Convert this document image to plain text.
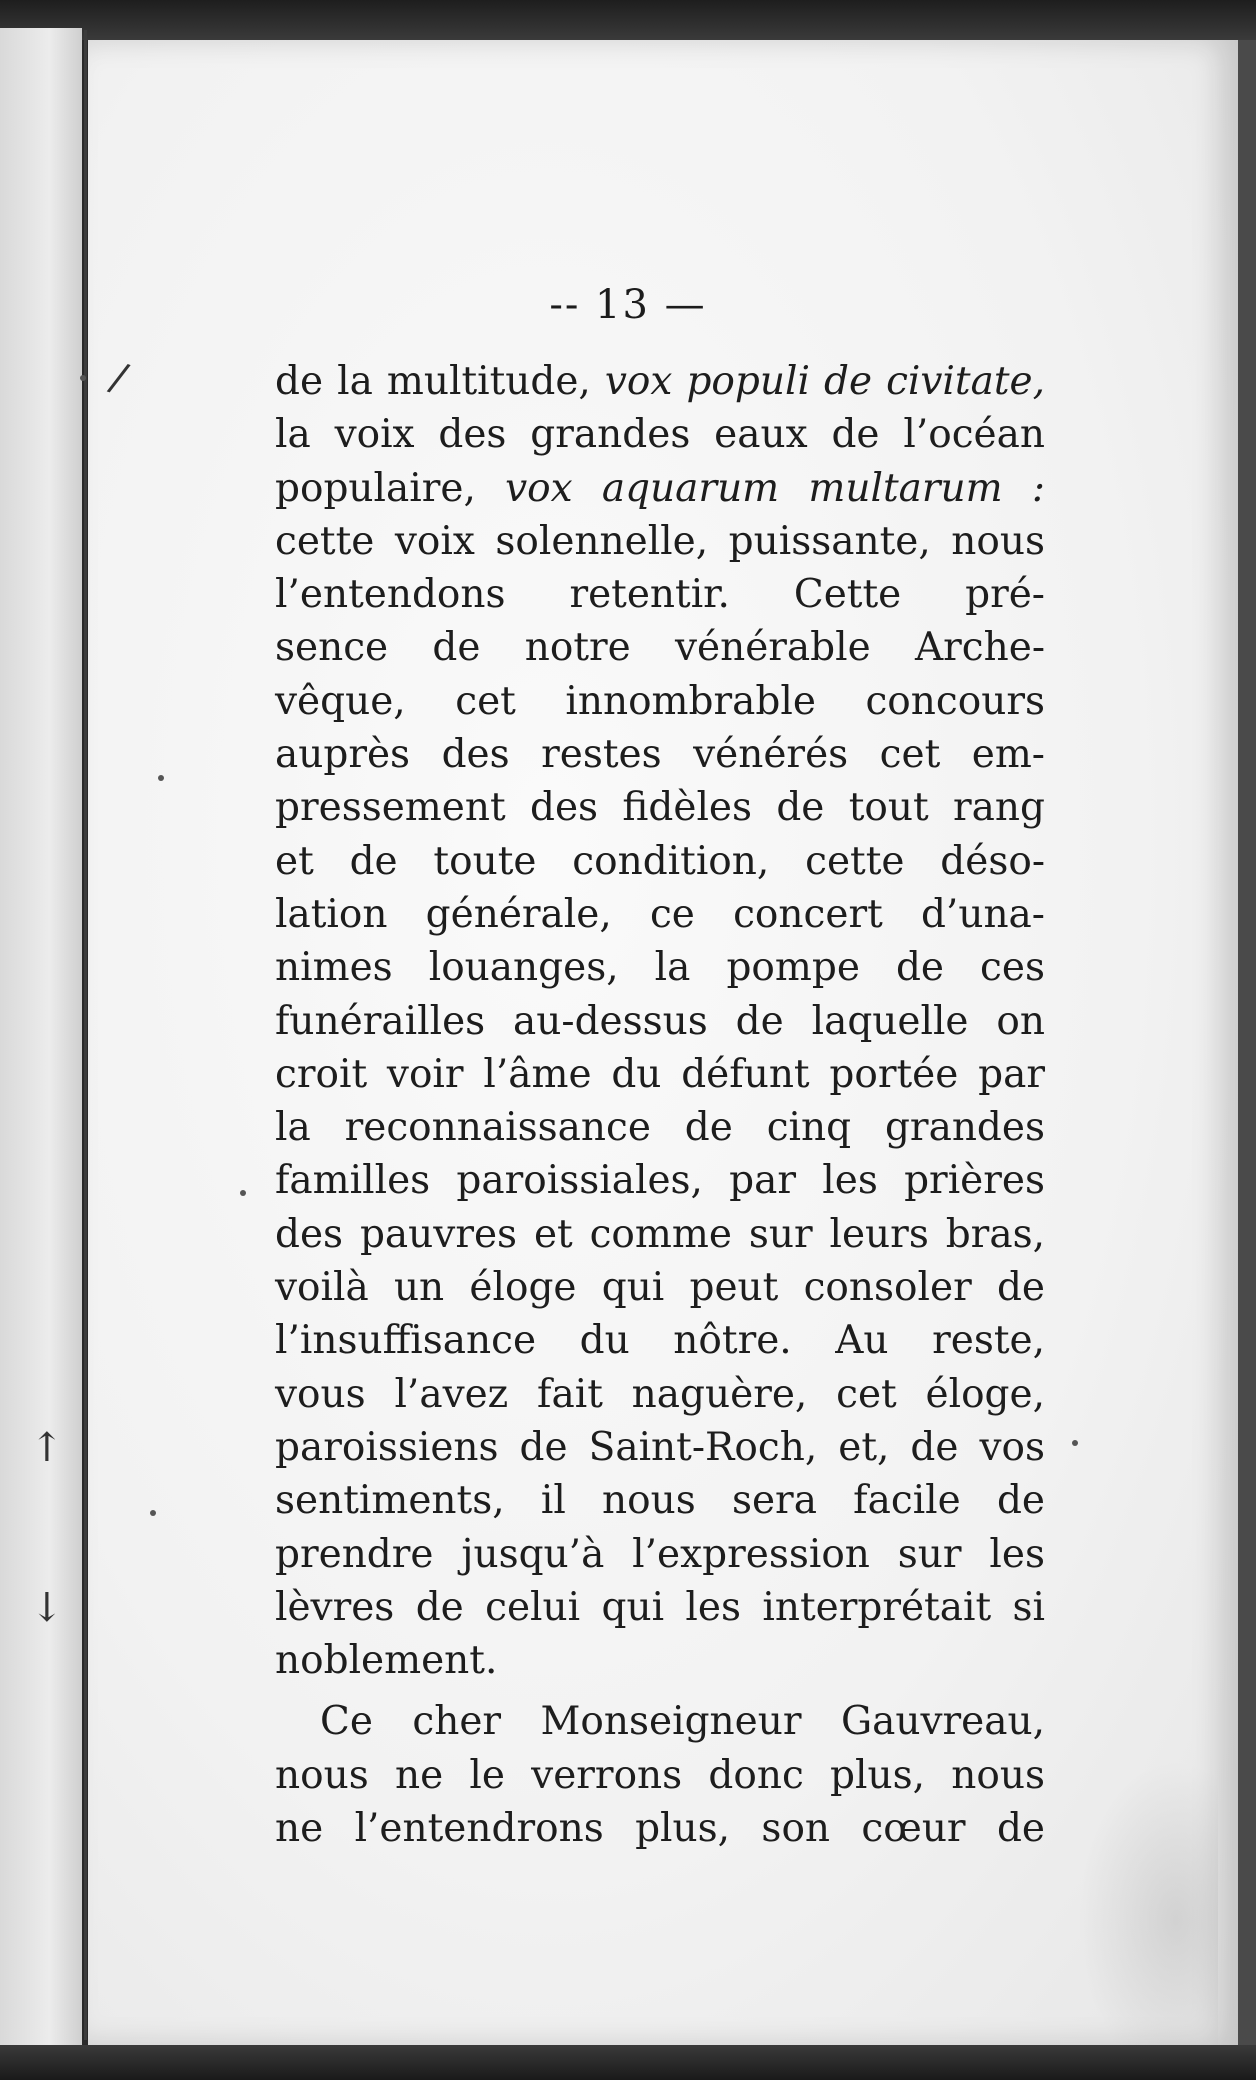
-- 13 —
de la multitude, vox populi de civitate,
la voix des grandes eaux de l’océan
populaire, vox aquarum multarum :
cette voix solennelle, puissante, nous
l’entendons retentir. Cette pré-
sence de notre vénérable Arche-
vêque, cet innombrable concours
auprès des restes vénérés cet em-
pressement des fidèles de tout rang
et de toute condition, cette déso-
lation générale, ce concert d’una-
nimes louanges, la pompe de ces
funérailles au-dessus de laquelle on
croit voir l’âme du défunt portée par
la reconnaissance de cinq grandes
familles paroissiales, par les prières
des pauvres et comme sur leurs bras,
voilà un éloge qui peut consoler de
l’insuffisance du nôtre. Au reste,
vous l’avez fait naguère, cet éloge,
paroissiens de Saint-Roch, et, de vos
sentiments, il nous sera facile de
prendre jusqu’à l’expression sur les
lèvres de celui qui les interprétait si
noblement.
Ce cher Monseigneur Gauvreau,
nous ne le verrons donc plus, nous
ne l’entendrons plus, son cœur de
/
↑
↓
